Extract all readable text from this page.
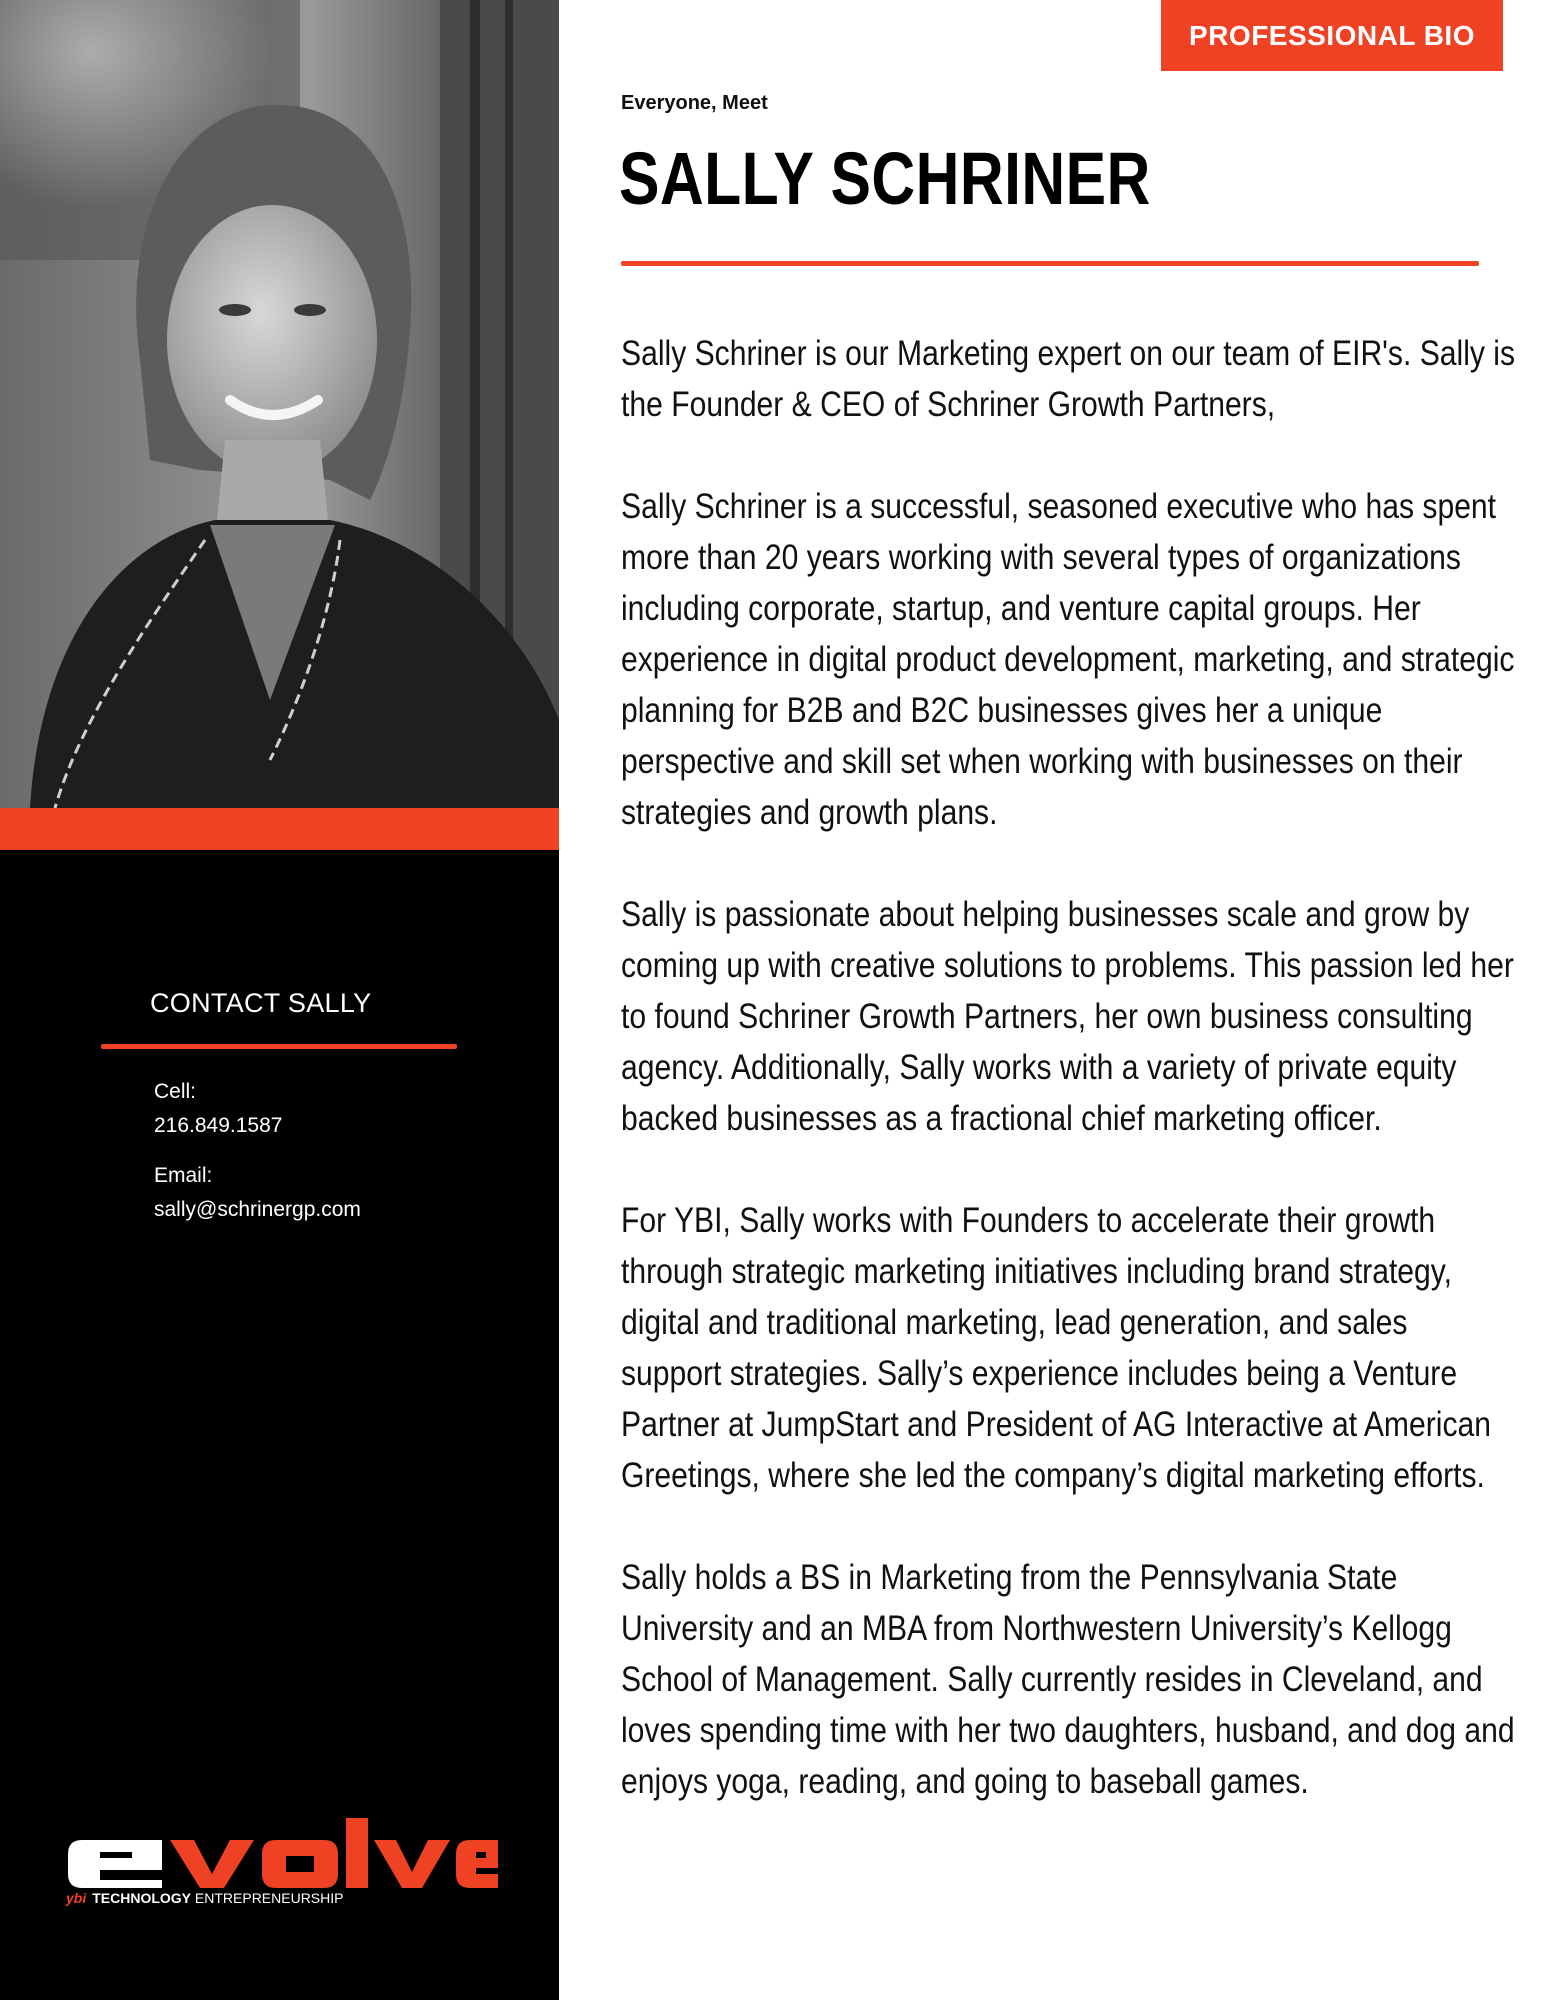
CONTACT SALLY
Cell:
216.849.1587
Email:
sally@schrinergp.com
ybi TECHNOLOGY ENTREPRENEURSHIP
PROFESSIONAL BIO
Everyone, Meet
SALLY SCHRINER

Sally Schriner is our Marketing expert on our team of EIR's. Sally is the Founder & CEO of Schriner Growth Partners,

Sally Schriner is a successful, seasoned executive who has spent more than 20 years working with several types of organizations including corporate, startup, and venture capital groups. Her experience in digital product development, marketing, and strategic planning for B2B and B2C businesses gives her a unique perspective and skill set when working with businesses on their strategies and growth plans.

Sally is passionate about helping businesses scale and grow by coming up with creative solutions to problems. This passion led her to found Schriner Growth Partners, her own business consulting agency. Additionally, Sally works with a variety of private equity backed businesses as a fractional chief marketing officer.

For YBI, Sally works with Founders to accelerate their growth through strategic marketing initiatives including brand strategy, digital and traditional marketing, lead generation, and sales support strategies. Sally’s experience includes being a Venture Partner at JumpStart and President of AG Interactive at American Greetings, where she led the company’s digital marketing efforts.

Sally holds a BS in Marketing from the Pennsylvania State University and an MBA from Northwestern University’s Kellogg School of Management. Sally currently resides in Cleveland, and loves spending time with her two daughters, husband, and dog and enjoys yoga, reading, and going to baseball games.
